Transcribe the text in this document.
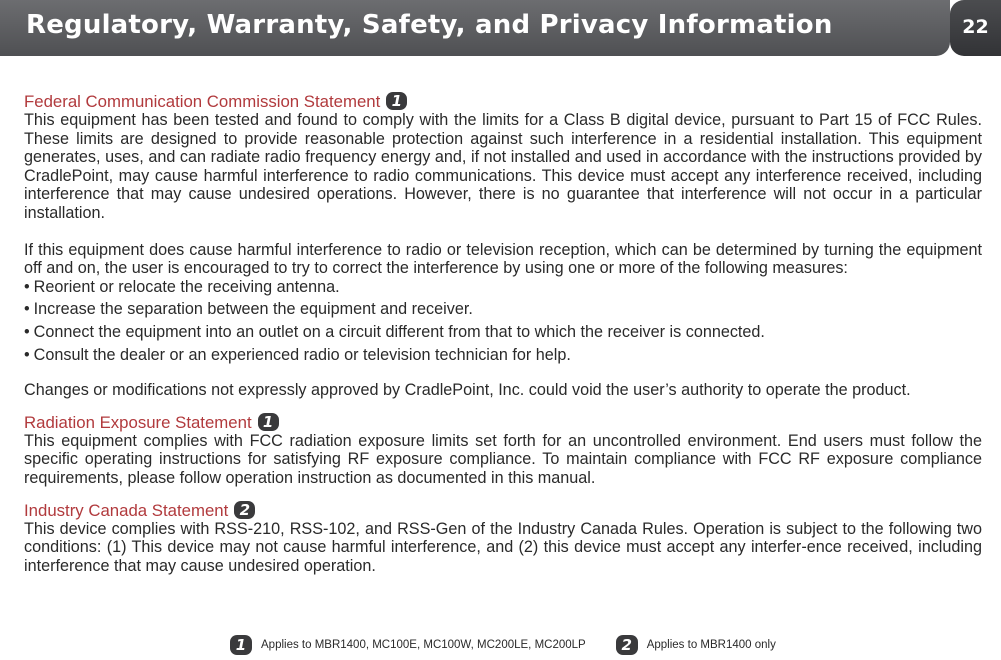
Regulatory, Warranty, Safety, and Privacy Information	22
Federal Communication Commission Statement 1

This equipment has been tested and found to comply with the limits for a Class B digital device, pursuant to Part 15 of FCC Rules. These limits are designed to provide reasonable protection against such interference in a residential installation. This equipment generates, uses, and can radiate radio frequency energy and, if not installed and used in accordance with the instructions provided by CradlePoint, may cause harmful interference to radio communications. This device must accept any interference received, including interference that may cause undesired operations. However, there is no guarantee that interference will not occur in a particular installation.

If this equipment does cause harmful interference to radio or television reception, which can be determined by turning the equipment off and on, the user is encouraged to try to correct the interference by using one or more of the following measures:

• Reorient or relocate the receiving antenna.
• Increase the separation between the equipment and receiver.
• Connect the equipment into an outlet on a circuit different from that to which the receiver is connected.
• Consult the dealer or an experienced radio or television technician for help.

Changes or modifications not expressly approved by CradlePoint, Inc. could void the user’s authority to operate the product.

Radiation Exposure Statement 1

This equipment complies with FCC radiation exposure limits set forth for an uncontrolled environment. End users must follow the specific operating instructions for satisfying RF exposure compliance. To maintain compliance with FCC RF exposure compliance requirements, please follow operation instruction as documented in this manual.

Industry Canada Statement 2

This device complies with RSS-210, RSS-102, and RSS-Gen of the Industry Canada Rules. Operation is subject to the following two conditions: (1) This device may not cause harmful interference, and (2) this device must accept any interfer-ence received, including interference that may cause undesired operation.

1	Applies to MBR1400, MC100E, MC100W, MC200LE, MC200LP	2	Applies to MBR1400 only
